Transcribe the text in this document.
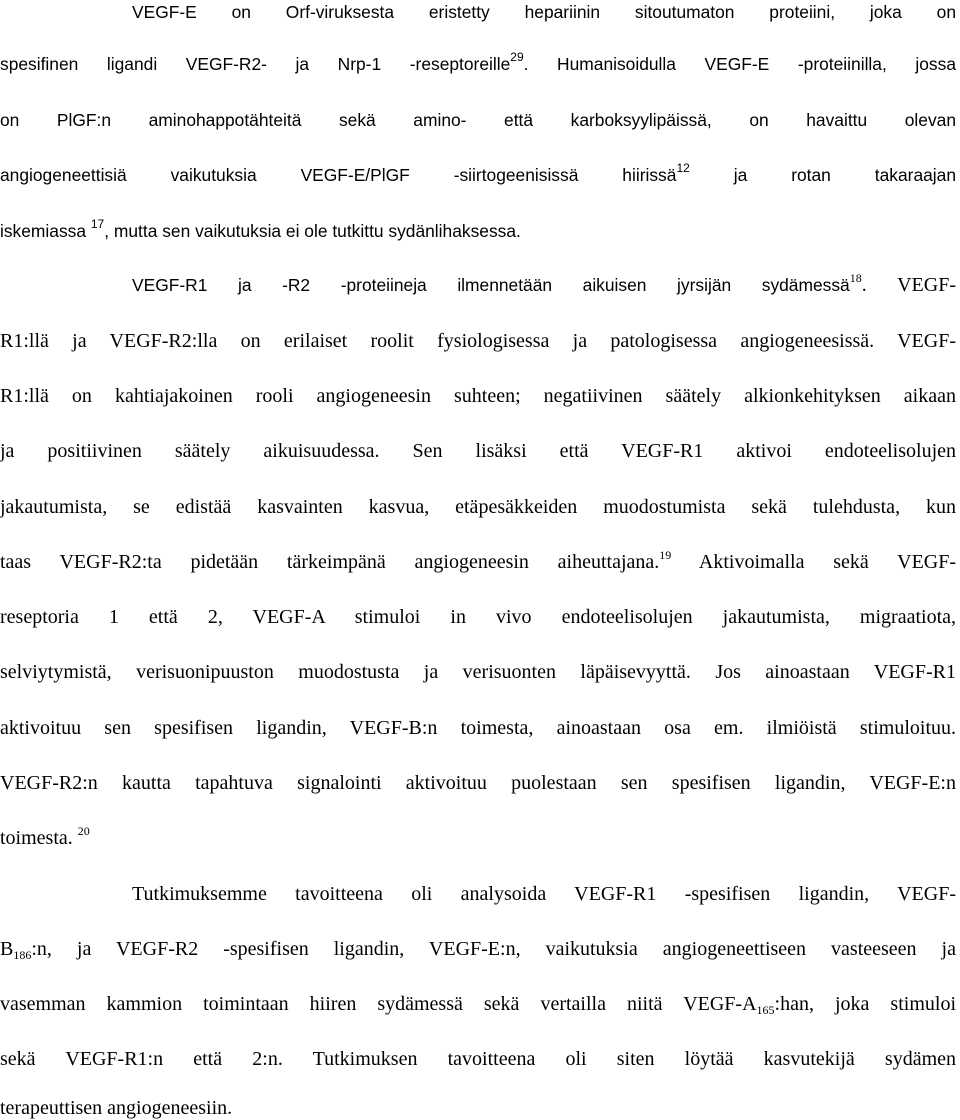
VEGF-E on Orf-viruksesta eristetty hepariinin sitoutumaton proteiini, joka on
spesifinen ligandi VEGF-R2- ja Nrp-1 -reseptoreille$^{29}$. Humanisoidulla VEGF-E -proteiinilla, jossa
on PlGF:n aminohappotähteitä sekä amino- että karboksyylipäissä, on havaittu olevan
angiogeneettisiä vaikutuksia VEGF-E/PlGF -siirtogeenisissä hiirissä$^{12}$ ja rotan takaraajan
iskemiassa $^{17}$, mutta sen vaikutuksia ei ole tutkittu sydänlihaksessa.
VEGF-R1 ja -R2 -proteiineja ilmennetään aikuisen jyrsijän sydämessä$^{18}$. VEGF-
R1:llä ja VEGF-R2:lla on erilaiset roolit fysiologisessa ja patologisessa angiogeneesissä. VEGF-
R1:llä on kahtiajakoinen rooli angiogeneesin suhteen; negatiivinen säätely alkionkehityksen aikaan
ja positiivinen säätely aikuisuudessa. Sen lisäksi että VEGF-R1 aktivoi endoteelisolujen
jakautumista, se edistää kasvainten kasvua, etäpesäkkeiden muodostumista sekä tulehdusta, kun
taas VEGF-R2:ta pidetään tärkeimpänä angiogeneesin aiheuttajana.$^{19}$ Aktivoimalla sekä VEGF-
reseptoria 1 että 2, VEGF-A stimuloi in vivo endoteelisolujen jakautumista, migraatiota,
selviytymistä, verisuonipuuston muodostusta ja verisuonten läpäisevyyttä. Jos ainoastaan VEGF-R1
aktivoituu sen spesifisen ligandin, VEGF-B:n toimesta, ainoastaan osa em. ilmiöistä stimuloituu.
VEGF-R2:n kautta tapahtuva signalointi aktivoituu puolestaan sen spesifisen ligandin, VEGF-E:n
toimesta. $^{20}$
Tutkimuksemme tavoitteena oli analysoida VEGF-R1 -spesifisen ligandin, VEGF-
$B_{186}:n$, ja VEGF-R2 -spesifisen ligandin, VEGF-E:n, vaikutuksia angiogeneettiseen vasteeseen ja
vasemman kammion toimintaan hiiren sydämessä sekä vertailla niitä VEGF-$A_{165}:han$, joka stimuloi
sekä VEGF-R1:n että 2:n. Tutkimuksen tavoitteena oli siten löytää kasvutekijä sydämen
terapeuttisen angiogeneesiin.
